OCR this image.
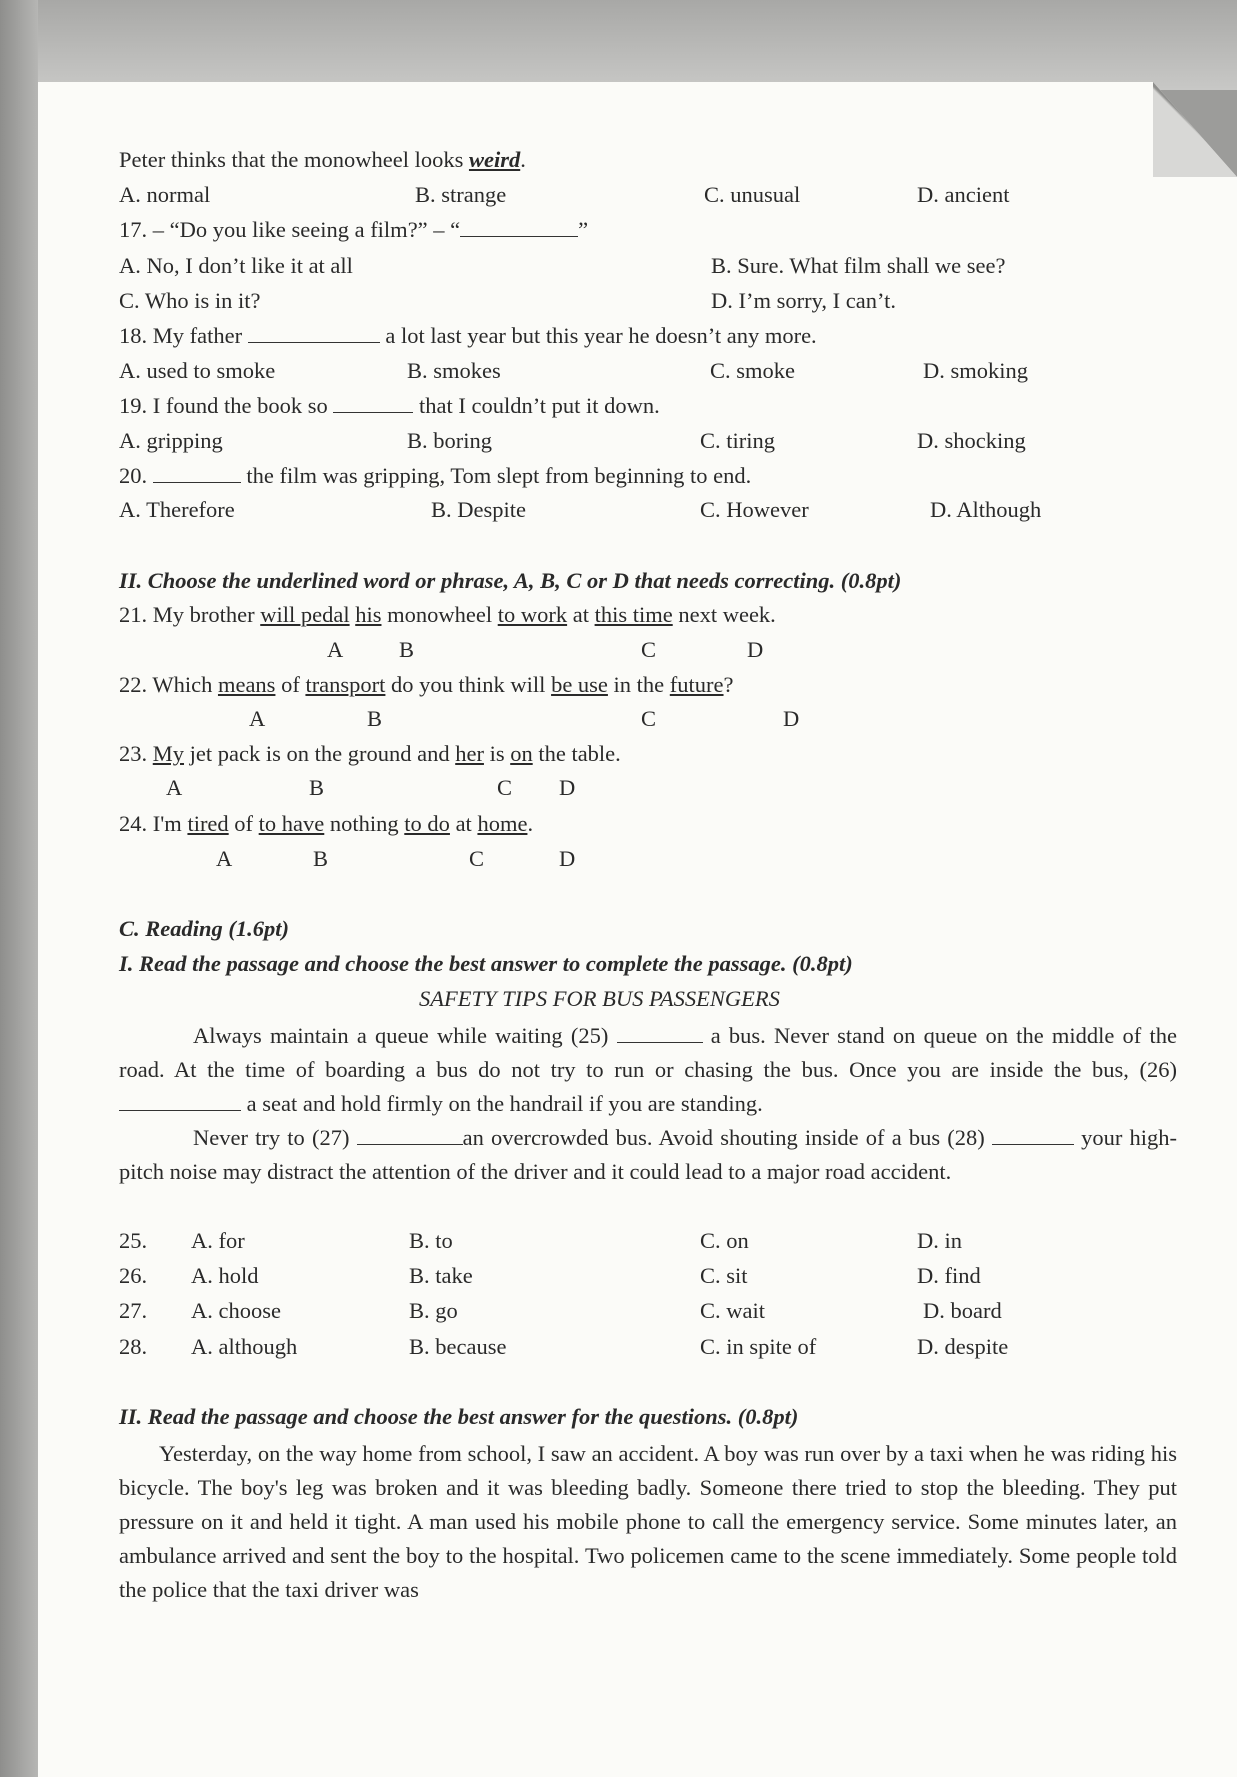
Peter thinks that the monowheel looks weird.
A. normal	B. strange	C. unusual	D. ancient
17. – “Do you like seeing a film?” – “	”
A. No, I don’t like it at all	B. Sure. What film shall we see?
C. Who is in it?	D. I’m sorry, I can’t.
18. My father	a lot last year but this year he doesn’t any more.
A. used to smoke	B. smokes	C. smoke	D. smoking
19. I found the book so	that I couldn’t put it down.
A. gripping	B. boring	C. tiring	D. shocking
20.	the film was gripping, Tom slept from beginning to end.
A. Therefore	B. Despite	C. However	D. Although
II. Choose the underlined word or phrase, A, B, C or D that needs correcting. (0.8pt)
21. My brother will pedal his monowheel to work at this time next week.
A B	C	D
22. Which means of transport do you think will be use in the future?
A	B	C	D
23. My jet pack is on the ground and her is on the table.
A	B	C D
24. I'm tired of to have nothing to do at home.
A	B	C	D
C. Reading (1.6pt)
I. Read the passage and choose the best answer to complete the passage. (0.8pt)
SAFETY TIPS FOR BUS PASSENGERS

Always maintain a queue while waiting (25)	a bus. Never stand on queue on the middle of the road. At the time of boarding a bus do not try to run or chasing the bus. Once you are inside the bus, (26)  a seat and hold firmly on the handrail if you are standing.

Never try to (27)	an overcrowded bus. Avoid shouting inside of a bus (28)	your high-pitch noise may distract the attention of the driver and it could lead to a major road accident.

25. A. for	B. to	C. on	D. in
26. A. hold	B. take	C. sit	D. find
27. A. choose	B. go	C. wait	D. board
28. A. although	B. because	C. in spite of	D. despite
II. Read the passage and choose the best answer for the questions. (0.8pt)

Yesterday, on the way home from school, I saw an accident. A boy was run over by a taxi when he was riding his bicycle. The boy's leg was broken and it was bleeding badly. Someone there tried to stop the bleeding. They put pressure on it and held it tight. A man used his mobile phone to call the emergency service. Some minutes later, an ambulance arrived and sent the boy to the hospital. Two policemen came to the scene immediately. Some people told the police that the taxi driver was
